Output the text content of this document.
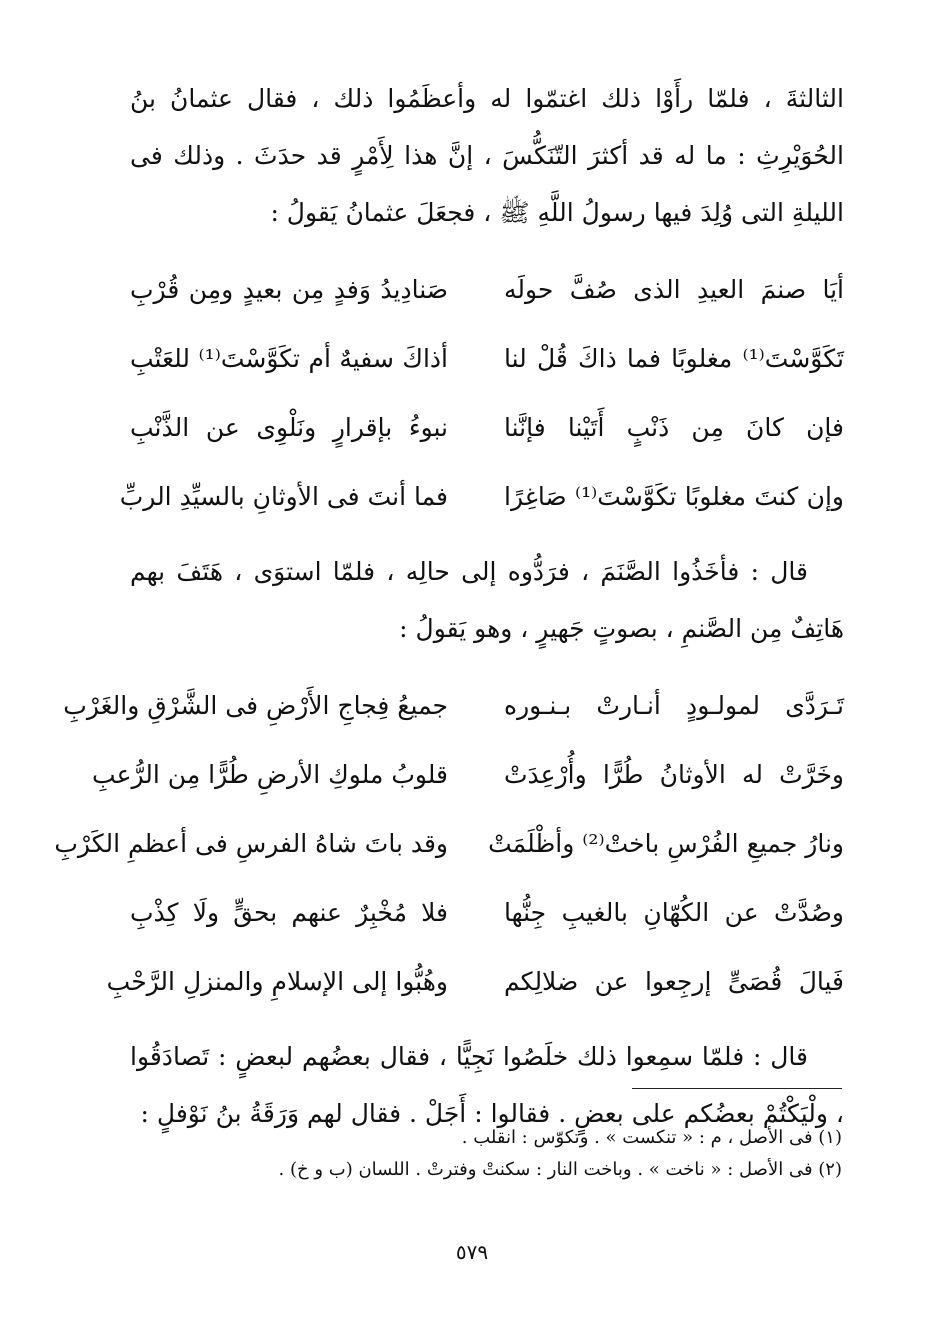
الثالثةَ ، فلمّا رأَوْا ذلك اغتمّوا له وأعظَمُوا ذلك ، فقال عثمانُ بنُ الحُوَيْرِثِ : ما له قد أكثرَ التّنَكُّسَ ، إنَّ هذا لِأَمْرٍ قد حدَثَ . وذلك فى الليلةِ التى وُلِدَ فيها رسولُ اللَّهِ ﷺ ، فجعَلَ عثمانُ يَقولُ :

أيَا صنمَ العيدِ الذى صُفَّ حولَه
صَنادِيدُ وَفدٍ مِن بعيدٍ ومِن قُرْبِ
تَكَوَّسْتَ⁽¹⁾ مغلوبًا فما ذاكَ قُلْ لنا
أذاكَ سفيهٌ أم تكَوَّسْتَ⁽¹⁾ للعَتْبِ
فإن كانَ مِن ذَنْبٍ أَتَيْنا فإنَّنا
نبوءُ بإقرارٍ ونَلْوِى عن الذَّنْبِ
وإن كنتَ مغلوبًا تكَوَّسْتَ⁽¹⁾ صَاغِرًا
فما أنتَ فى الأوثانِ بالسيِّدِ الربِّ

قال : فأخَذُوا الصَّنَمَ ، فرَدُّوه إلى حالِه ، فلمّا استوَى ، هَتَفَ بهم هَاتِفٌ مِن الصَّنمِ ، بصوتٍ جَهيرٍ ، وهو يَقولُ :

تَـرَدَّى لمولـودٍ أنـارتْ بـنـوره
جميعُ فِجاجِ الأَرْضِ فى الشَّرْقِ والغَرْبِ
وخَرَّتْ له الأوثانُ طُرًّا وأُرْعِدَتْ
قلوبُ ملوكِ الأرضِ طُرًّا مِن الرُّعبِ
ونارُ جميعِ الفُرْسِ باختْ⁽²⁾ وأظْلَمَتْ
وقد باتَ شاهُ الفرسِ فى أعظمِ الكَرْبِ
وصُدَّتْ عن الكُهّانِ بالغيبِ جِنُّها
فلا مُخْبِرٌ عنهم بحقٍّ ولَا كِذْبِ
فَيالَ قُصَىٍّ إرجِعوا عن ضلالِكم
وهُبُّوا إلى الإسلامِ والمنزلِ الرَّحْبِ

قال : فلمّا سمِعوا ذلك خلَصُوا نَجِيًّا ، فقال بعضُهم لبعضٍ : تَصادَقُوا ، ولْيَكْتُمْ بعضُكم على بعضٍ . فقالوا : أَجَلْ . فقال لهم وَرَقَةُ بنُ نَوْفلٍ :

(١) فى الأصل ، م : « تنكست » . وتكوّس : انقلب .

(٢) فى الأصل : « ناخت » . وباخت النار : سكنتْ وفترتْ . اللسان (ب و خ) .

٥٧٩
